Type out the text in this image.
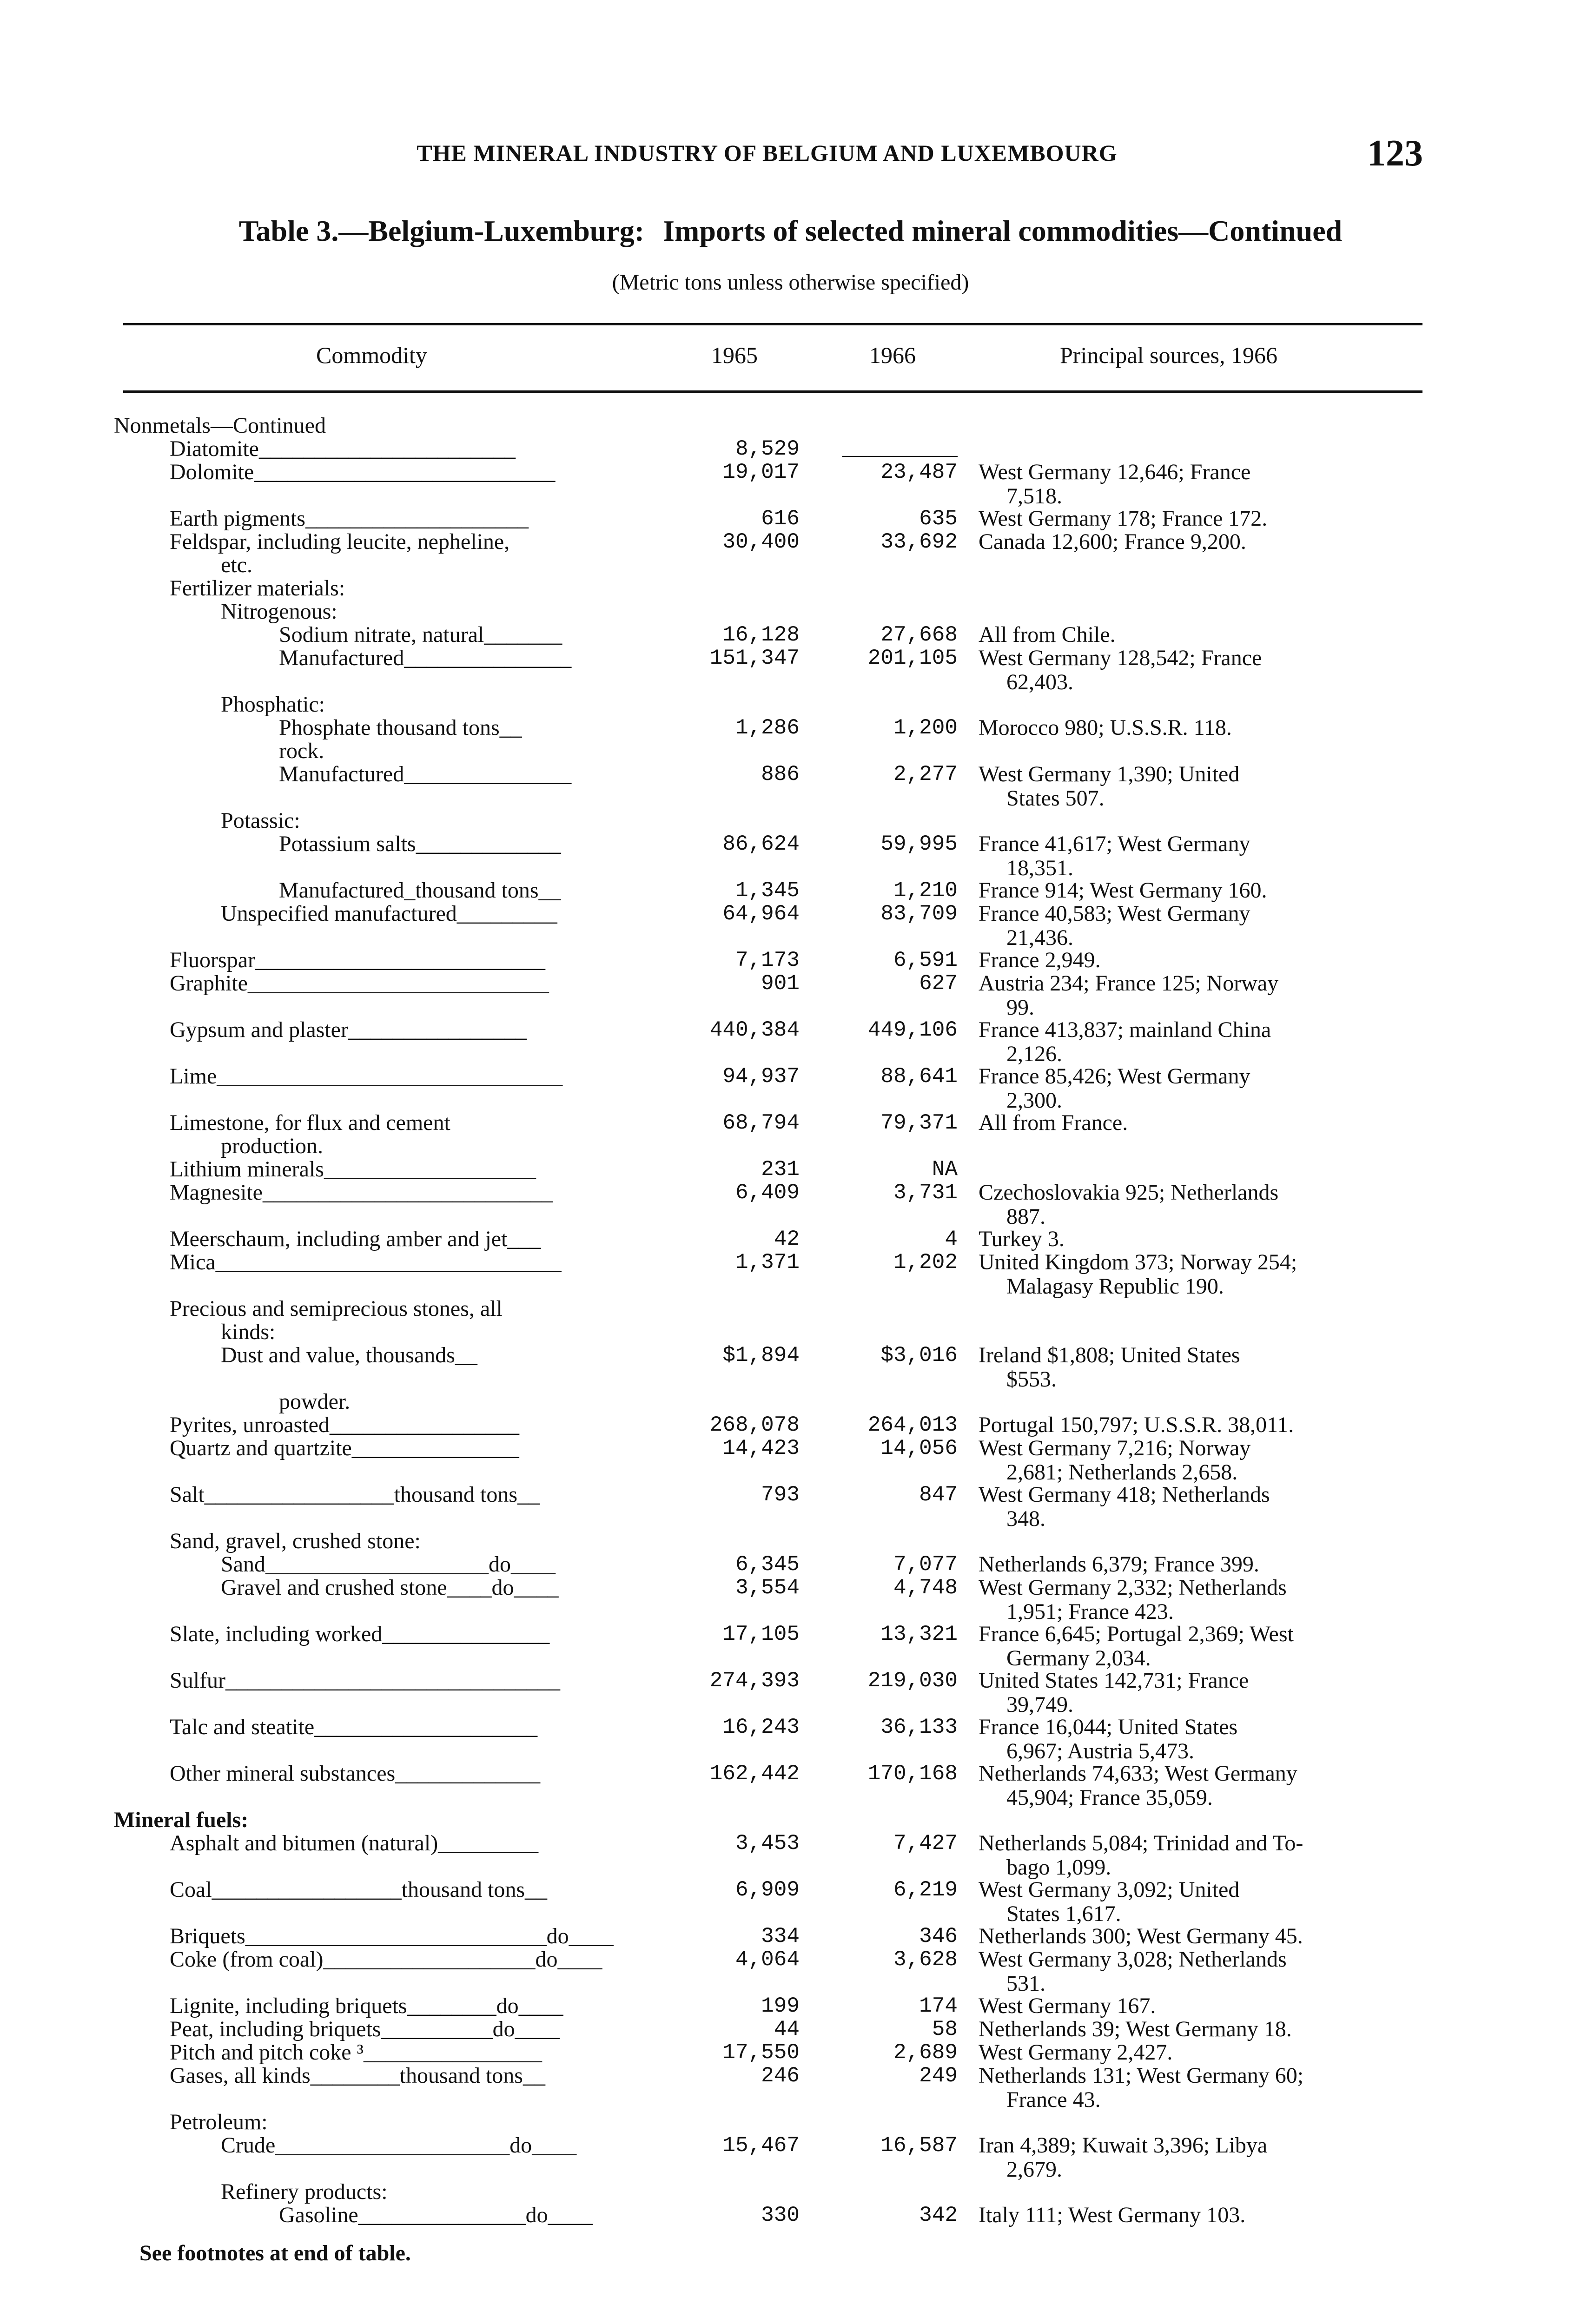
THE MINERAL INDUSTRY OF BELGIUM AND LUXEMBOURG	123
Table 3.—Belgium-Luxemburg: Imports of selected mineral commodities—Continued
(Metric tons unless otherwise specified)
Commodity	1965	1966	Principal sources, 1966
Nonmetals—Continued
Diatomite_______________________	8,529	_________
Dolomite___________________________	19,017	23,487 West Germany 12,646; France
7,518.
Earth pigments____________________	616	635 West Germany 178; France 172.
Feldspar, including leucite, nepheline,	30,400	33,692 Canada 12,600; France 9,200.
etc.
Fertilizer materials:
Nitrogenous:
Sodium nitrate, natural_______	16,128	27,668 All from Chile.
Manufactured_______________	151,347	201,105 West Germany 128,542; France
62,403.
Phosphatic:
Phosphate thousand tons__	1,286	1,200 Morocco 980; U.S.S.R. 118.
rock.
Manufactured_______________	886	2,277 West Germany 1,390; United
States 507.
Potassic:
Potassium salts_____________	86,624	59,995 France 41,617; West Germany
18,351.
Manufactured_thousand tons__	1,345	1,210 France 914; West Germany 160.
Unspecified manufactured_________	64,964	83,709 France 40,583; West Germany
21,436.
Fluorspar__________________________	7,173	6,591 France 2,949.
Graphite___________________________	901	627 Austria 234; France 125; Norway
99.
Gypsum and plaster________________	440,384	449,106 France 413,837; mainland China
2,126.
Lime_______________________________	94,937	88,641 France 85,426; West Germany
2,300.
Limestone, for flux and cement	68,794	79,371 All from France.
production.
Lithium minerals___________________	231	NA
Magnesite__________________________	6,409	3,731 Czechoslovakia 925; Netherlands
887.
Meerschaum, including amber and jet___	42	4 Turkey 3.
Mica_______________________________	1,371	1,202 United Kingdom 373; Norway 254;
Malagasy Republic 190.
Precious and semiprecious stones, all
kinds:
Dust and value, thousands__	$1,894	$3,016 Ireland $1,808; United States
$553.
powder.
Pyrites, unroasted_________________	268,078	264,013 Portugal 150,797; U.S.S.R. 38,011.
Quartz and quartzite_______________	14,423	14,056 West Germany 7,216; Norway
2,681; Netherlands 2,658.
Salt_________________thousand tons__	793	847 West Germany 418; Netherlands
348.
Sand, gravel, crushed stone:
Sand____________________do____	6,345	7,077 Netherlands 6,379; France 399.
Gravel and crushed stone____do____	3,554	4,748 West Germany 2,332; Netherlands
1,951; France 423.
Slate, including worked_______________	17,105	13,321 France 6,645; Portugal 2,369; West
Germany 2,034.
Sulfur______________________________	274,393	219,030 United States 142,731; France
39,749.
Talc and steatite____________________	16,243	36,133 France 16,044; United States
6,967; Austria 5,473.
Other mineral substances_____________	162,442	170,168 Netherlands 74,633; West Germany
45,904; France 35,059.
Mineral fuels:
Asphalt and bitumen (natural)_________	3,453	7,427 Netherlands 5,084; Trinidad and To-
bago 1,099.
Coal_________________thousand tons__	6,909	6,219 West Germany 3,092; United
States 1,617.
Briquets___________________________do____	334	346 Netherlands 300; West Germany 45.
Coke (from coal)___________________do____	4,064	3,628 West Germany 3,028; Netherlands
531.
Lignite, including briquets________do____	199	174 West Germany 167.
Peat, including briquets__________do____	44	58 Netherlands 39; West Germany 18.
Pitch and pitch coke ³________________	17,550	2,689 West Germany 2,427.
Gases, all kinds________thousand tons__	246	249 Netherlands 131; West Germany 60;
France 43.
Petroleum:
Crude_____________________do____	15,467	16,587 Iran 4,389; Kuwait 3,396; Libya
2,679.
Refinery products:
Gasoline_______________do____	330	342 Italy 111; West Germany 103.
See footnotes at end of table.
